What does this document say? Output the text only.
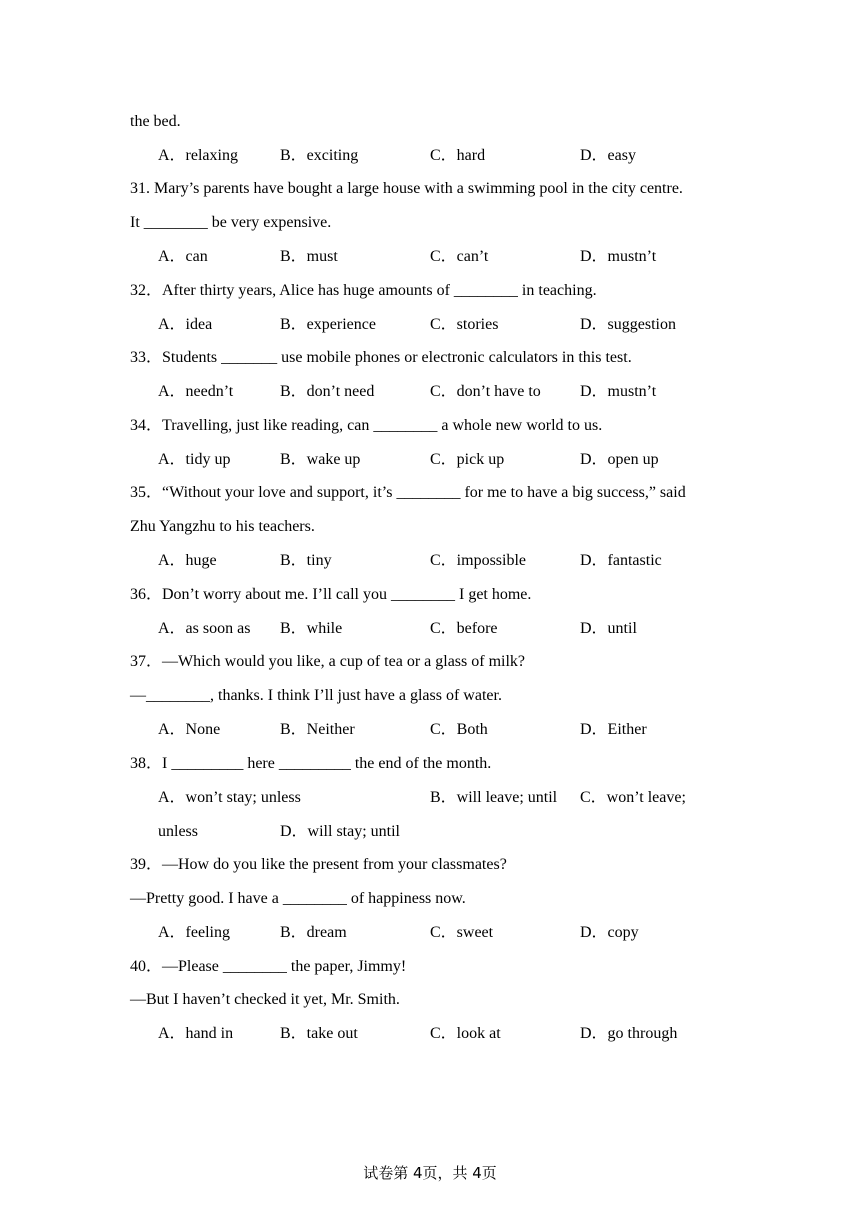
the bed.
A．relaxing	B．exciting	C．hard	D．easy
31. Mary’s parents have bought a large house with a swimming pool in the city centre.
It ________ be very expensive.
A．can	B．must	C．can’t	D．mustn’t
32．After thirty years, Alice has huge amounts of ________ in teaching.
A．idea	B．experience	C．stories	D．suggestion
33．Students _______ use mobile phones or electronic calculators in this test.
A．needn’t	B．don’t need	C．don’t have to D．mustn’t
34．Travelling, just like reading, can ________ a whole new world to us.
A．tidy up	B．wake up	C．pick up	D．open up
35．“Without your love and support, it’s ________ for me to have a big success,” said
Zhu Yangzhu to his teachers.
A．huge	B．tiny	C．impossible	D．fantastic
36．Don’t worry about me. I’ll call you ________ I get home.
A．as soon as B．while	C．before	D．until
37．—Which would you like, a cup of tea or a glass of milk?
—________, thanks. I think I’ll just have a glass of water.
A．None	B．Neither	C．Both	D．Either
38．I _________ here _________ the end of the month.
A．won’t stay; unless	B．will leave; until C．won’t leave;
unless	D．will stay; until
39．—How do you like the present from your classmates?
—Pretty good. I have a ________ of happiness now.
A．feeling	B．dream	C．sweet	D．copy
40．—Please ________ the paper, Jimmy!
—But I haven’t checked it yet, Mr. Smith.
A．hand in	B．take out	C．look at	D．go through
试卷第 4页，共 4页
